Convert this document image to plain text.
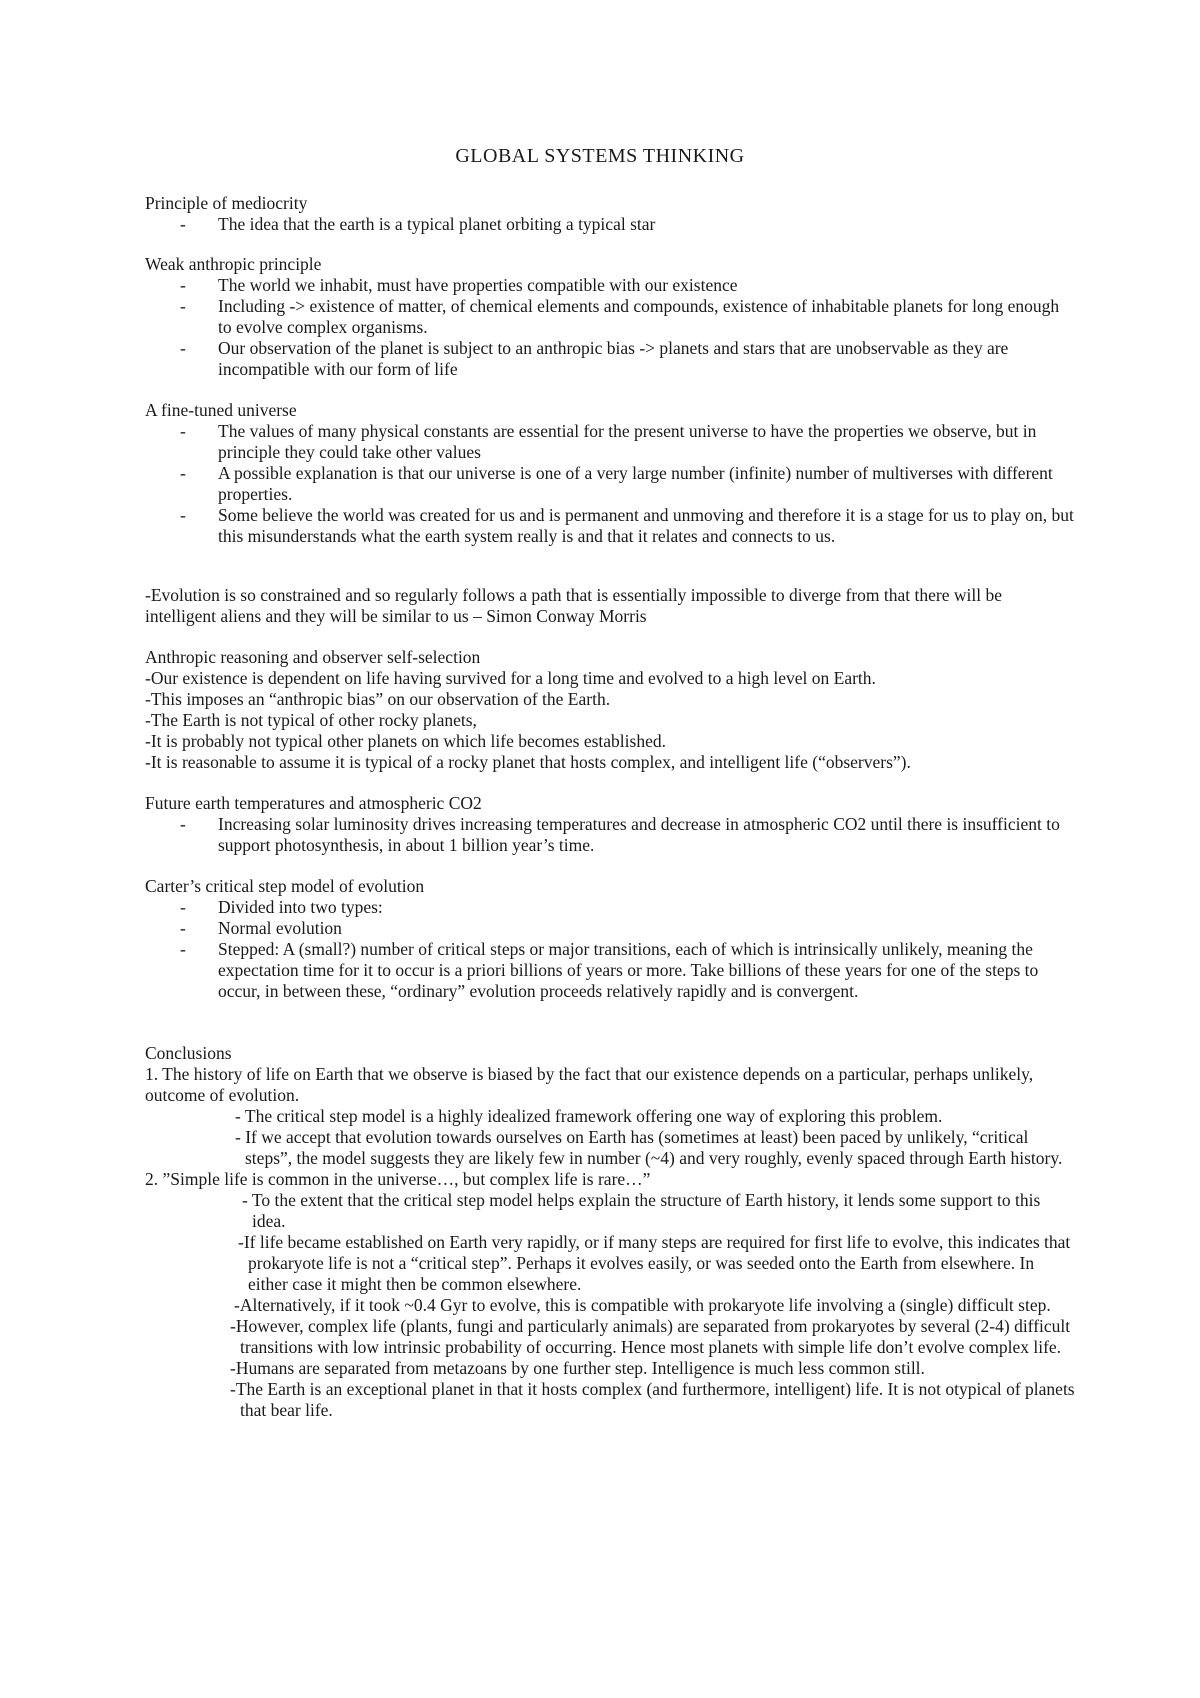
GLOBAL SYSTEMS THINKING

Principle of mediocrity

- The idea that the earth is a typical planet orbiting a typical star

Weak anthropic principle

- The world we inhabit, must have properties compatible with our existence
- Including -> existence of matter, of chemical elements and compounds, existence of inhabitable planets for long enough to evolve complex organisms.
- Our observation of the planet is subject to an anthropic bias -> planets and stars that are unobservable as they are incompatible with our form of life

A fine-tuned universe

- The values of many physical constants are essential for the present universe to have the properties we observe, but in principle they could take other values
- A possible explanation is that our universe is one of a very large number (infinite) number of multiverses with different properties.
- Some believe the world was created for us and is permanent and unmoving and therefore it is a stage for us to play on, but this misunderstands what the earth system really is and that it relates and connects to us.

-Evolution is so constrained and so regularly follows a path that is essentially impossible to diverge from that there will be intelligent aliens and they will be similar to us – Simon Conway Morris

Anthropic reasoning and observer self-selection

-Our existence is dependent on life having survived for a long time and evolved to a high level on Earth.

-This imposes an “anthropic bias” on our observation of the Earth.

-The Earth is not typical of other rocky planets,

-It is probably not typical other planets on which life becomes established.

-It is reasonable to assume it is typical of a rocky planet that hosts complex, and intelligent life (“observers”).

Future earth temperatures and atmospheric CO2

- Increasing solar luminosity drives increasing temperatures and decrease in atmospheric CO2 until there is insufficient to support photosynthesis, in about 1 billion year’s time.

Carter’s critical step model of evolution

- Divided into two types:
- Normal evolution
- Stepped: A (small?) number of critical steps or major transitions, each of which is intrinsically unlikely, meaning the expectation time for it to occur is a priori billions of years or more. Take billions of these years for one of the steps to occur, in between these, “ordinary” evolution proceeds relatively rapidly and is convergent.

Conclusions

1. The history of life on Earth that we observe is biased by the fact that our existence depends on a particular, perhaps unlikely, outcome of evolution.

- The critical step model is a highly idealized framework offering one way of exploring this problem.

- If we accept that evolution towards ourselves on Earth has (sometimes at least) been paced by unlikely, “critical steps”, the model suggests they are likely few in number (~4) and very roughly, evenly spaced through Earth history.

2. ”Simple life is common in the universe…, but complex life is rare…”

- To the extent that the critical step model helps explain the structure of Earth history, it lends some support to this idea.

-If life became established on Earth very rapidly, or if many steps are required for first life to evolve, this indicates that prokaryote life is not a “critical step”. Perhaps it evolves easily, or was seeded onto the Earth from elsewhere. In either case it might then be common elsewhere.

-Alternatively, if it took ~0.4 Gyr to evolve, this is compatible with prokaryote life involving a (single) difficult step.

-However, complex life (plants, fungi and particularly animals) are separated from prokaryotes by several (2-4) difficult transitions with low intrinsic probability of occurring. Hence most planets with simple life don’t evolve complex life.

-Humans are separated from metazoans by one further step. Intelligence is much less common still.

-The Earth is an exceptional planet in that it hosts complex (and furthermore, intelligent) life. It is not otypical of planets that bear life.
